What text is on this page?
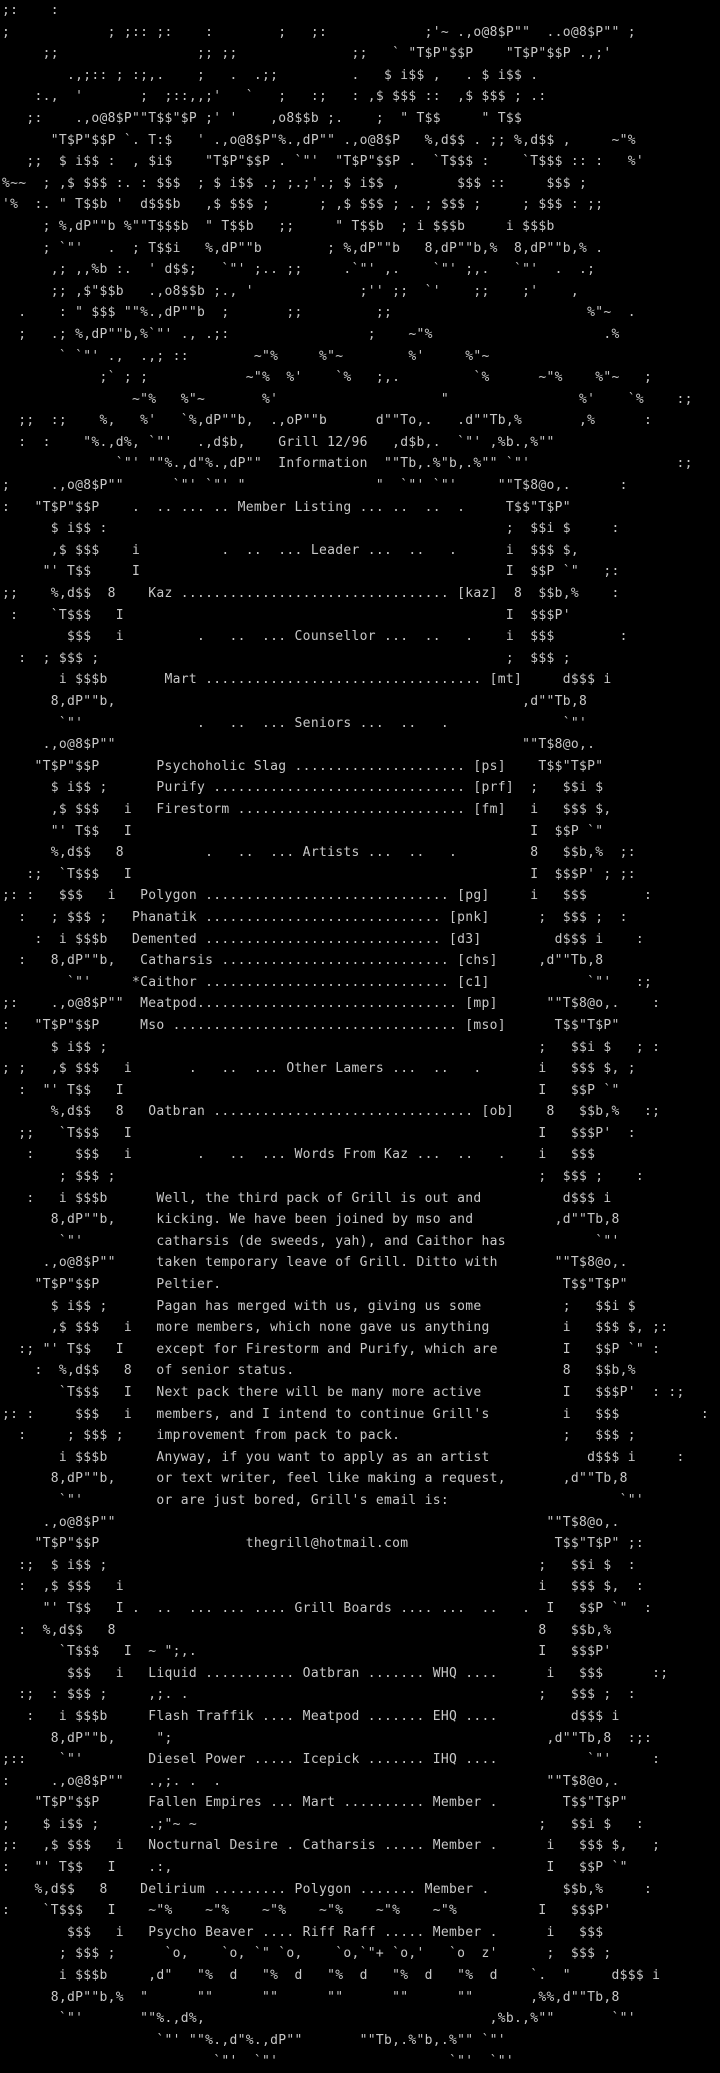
;:    :
;            ; ;:: ;:    :        ;   ;:            ;'~ .,o@8$P""  ..o@8$P"" ;
;;                 ;; ;;              ;;   ` "T$P"$$P    "T$P"$$P .,;'
.,;:: ; :;,.    ;   .  .;;         .   $ i$$ ,   . $ i$$ .
:.,  '       ;  ;::,,;'   `   ;   :;   : ,$ $$$ ::  ,$ $$$ ; .:
;:    .,o@8$P""T$$"$P ;' '    ,o8$$b ;.    ;  " T$$     " T$$
"T$P"$$P `. T:$   ' .,o@8$P"%.,dP"" .,o@8$P   %,d$$ . ;; %,d$$ ,     ~"%
;;  $ i$$ :  , $i$    "T$P"$$P . `"'  "T$P"$$P .  `T$$$ :    `T$$$ :: :   %'
%~~  ; ,$ $$$ :. : $$$  ; $ i$$ .; ;.;'.; $ i$$ ,       $$$ ::     $$$ ;
'%  :. " T$$b '  d$$$b   ,$ $$$ ;      ; ,$ $$$ ; . ; $$$ ;     ; $$$ : ;;
; %,dP""b %""T$$$b  " T$$b   ;;     " T$$b  ; i $$$b     i $$$b
; `"'   .  ; T$$i   %,dP""b        ; %,dP""b   8,dP""b,%  8,dP""b,% .
,; ,,%b :.  ' d$$;   `"' ;.. ;;     .`"' ,.    `"' ;,.   `"'  .  .;
;; ,$"$$b   .,o8$$b ;., '             ;'' ;;  `'    ;;    ;'    ,
.    : " $$$ ""%.,dP""b  ;       ;;         ;;                        %"~  .
;   .; %,dP""b,%`"' ., .;:                 ;    ~"%                     .%
` `"' .,  .,; ::        ~"%     %"~        %'     %"~
;` ; ;            ~"%  %'    `%   ;,.         `%      ~"%    %"~   ;
~"%   %"~       %'                    "                %'    `%    :;
;;  :;    %,   %'   `%,dP""b,  .,oP""b      d""To,.   .d""Tb,%       ,%      :
:  :    "%.,d%, `"'   .,d$b,    Grill 12/96   ,d$b,.  `"' ,%b.,%""
`"' ""%.,d"%.,dP""  Information  ""Tb,.%"b,.%"" `"'                  :;
;     .,o@8$P""      `"' `"' "                "  `"' `"'     ""T$8@o,.      :
:   "T$P"$$P    .  .. ... .. Member Listing ... ..  ..  .     T$$"T$P"
$ i$$ :                                                 ;  $$i $     :
,$ $$$    i          .  ..  ... Leader ...  ..   .      i  $$$ $,
"' T$$     I                                             I  $$P `"   ;:
;;    %,d$$  8    Kaz ................................. [kaz]  8  $$b,%    :
:    `T$$$   I                                               I  $$$P'
$$$   i         .   ..  ... Counsellor ...  ..   .    i  $$$        :
:  ; $$$ ;                                                  ;  $$$ ;
i $$$b       Mart .................................. [mt]     d$$$ i
8,dP""b,                                                  ,d""Tb,8
`"'              .   ..  ... Seniors ...  ..   .              `"'
.,o@8$P""                                                  ""T$8@o,.
"T$P"$$P       Psychoholic Slag ..................... [ps]    T$$"T$P"
$ i$$ ;      Purify ............................... [prf]  ;   $$i $
,$ $$$   i   Firestorm ............................ [fm]   i   $$$ $,
"' T$$   I                                                 I  $$P `"
%,d$$   8          .   ..  ... Artists ...  ..   .         8   $$b,%  ;:
:;  `T$$$   I                                                 I  $$$P' ; ;:
;: :   $$$   i   Polygon .............................. [pg]     i   $$$       :
:   ; $$$ ;   Phanatik ............................. [pnk]      ;  $$$ ;  :
:  i $$$b   Demented ............................. [d3]         d$$$ i    :
:   8,dP""b,   Catharsis ............................ [chs]     ,d""Tb,8
`"'     *Caithor .............................. [c1]            `"'   :;
;:    .,o@8$P""  Meatpod................................ [mp]      ""T$8@o,.    :
:   "T$P"$$P     Mso ................................... [mso]      T$$"T$P"
$ i$$ ;                                                     ;   $$i $   ; :
; ;   ,$ $$$   i       .   ..  ... Other Lamers ...  ..   .       i   $$$ $, ;
:  "' T$$   I                                                   I   $$P `"
%,d$$   8   Oatbran ................................ [ob]    8   $$b,%   :;
;;   `T$$$   I                                                  I   $$$P'  :
:     $$$   i        .   ..  ... Words From Kaz ...  ..   .    i   $$$
; $$$ ;                                                    ;  $$$ ;    :
:   i $$$b      Well, the third pack of Grill is out and          d$$$ i
8,dP""b,     kicking. We have been joined by mso and          ,d""Tb,8
`"'         catharsis (de sweeds, yah), and Caithor has           `"'
.,o@8$P""     taken temporary leave of Grill. Ditto with       ""T$8@o,.
"T$P"$$P       Peltier.                                          T$$"T$P"
$ i$$ ;      Pagan has merged with us, giving us some          ;   $$i $
,$ $$$   i   more members, which none gave us anything         i   $$$ $, ;:
:; "' T$$   I    except for Firestorm and Purify, which are        I   $$P `" :
:  %,d$$   8   of senior status.                                 8   $$b,%
`T$$$   I   Next pack there will be many more active          I   $$$P'  : :;
;: :     $$$   i   members, and I intend to continue Grill's         i   $$$          :
:     ; $$$ ;    improvement from pack to pack.                    ;   $$$ ;
i $$$b      Anyway, if you want to apply as an artist            d$$$ i     :
8,dP""b,     or text writer, feel like making a request,       ,d""Tb,8
`"'         or are just bored, Grill's email is:                     `"'
.,o@8$P""                                                     ""T$8@o,.
"T$P"$$P                  thegrill@hotmail.com                  T$$"T$P" ;:
:;  $ i$$ ;                                                     ;   $$i $  :
:  ,$ $$$   i                                                   i   $$$ $,  :
"' T$$   I .  ..  ... ... .... Grill Boards .... ...  ..   .  I   $$P `"  :
:  %,d$$   8                                                    8   $$b,%
`T$$$   I  ~ ";,.                                          I   $$$P'
$$$   i   Liquid ........... Oatbran ....... WHQ ....      i   $$$      :;
:;  : $$$ ;     ,;. .                                           ;   $$$ ;  :
:   i $$$b     Flash Traffik .... Meatpod ....... EHQ ....         d$$$ i
8,dP""b,     ";                                              ,d""Tb,8  :;:
;::    `"'        Diesel Power ..... Icepick ....... IHQ ....           `"'     :
:     .,o@8$P""   .,;. .  .                                        ""T$8@o,.
"T$P"$$P      Fallen Empires ... Mart .......... Member .        T$$"T$P"
;    $ i$$ ;      .;"~ ~                                          ;   $$i $   :
;:   ,$ $$$   i   Nocturnal Desire . Catharsis ..... Member .      i   $$$ $,   ;
:   "' T$$   I    .:,                                              I   $$P `"
%,d$$   8    Delirium ......... Polygon ....... Member .         $$b,%     :
:    `T$$$   I    ~"%    ~"%    ~"%    ~"%    ~"%    ~"%          I   $$$P'
$$$   i   Psycho Beaver .... Riff Raff ..... Member .      i   $$$
; $$$ ;      `o,    `o, `" `o,    `o,`"+ `o,'   `o  z'      ;  $$$ ;
i $$$b     ,d"   "%  d   "%  d   "%  d   "%  d   "%  d    `.  "     d$$$ i
8,dP""b,%  "      ""      ""      ""      ""      ""       ,%%,d""Tb,8
`"'       ""%.,d%,                                   ,%b.,%""       `"'
`"' ""%.,d"%.,dP""       ""Tb,.%"b,.%"" `"'
`"'  `"'                     `"'  `"'
